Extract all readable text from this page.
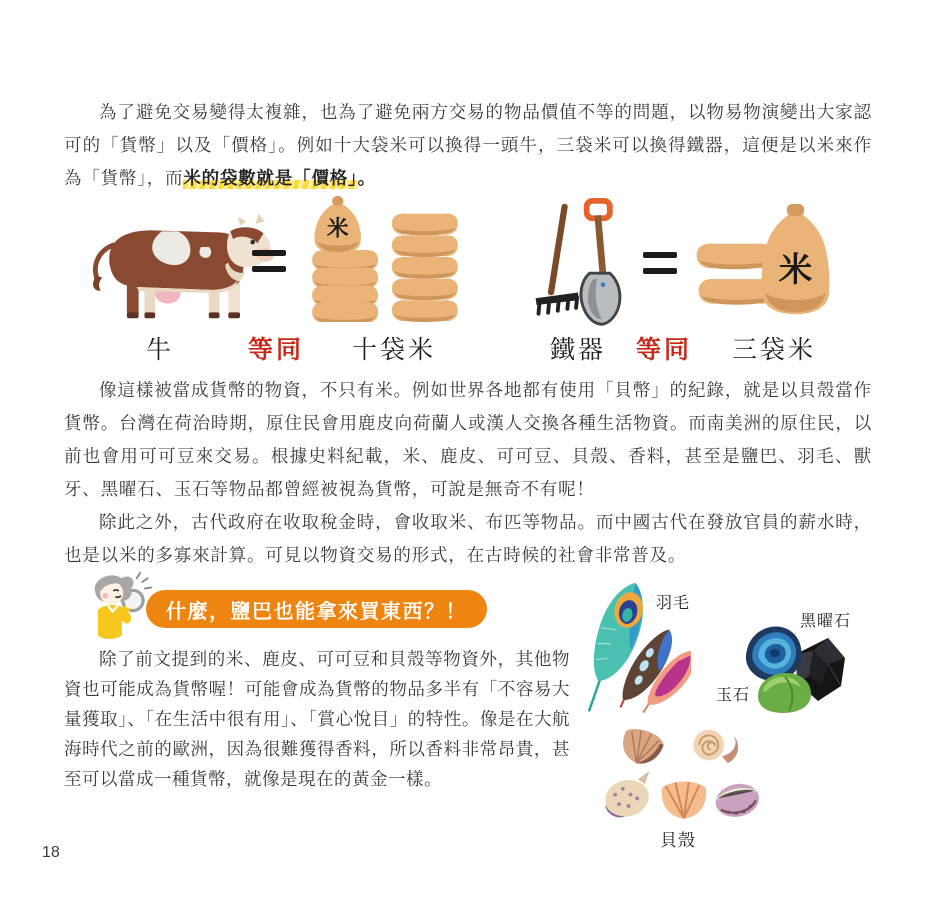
為了避免交易變得太複雜，也為了避免兩方交易的物品價值不等的問題，以物易物演變出大家認可的「貨幣」以及「價格」。例如十大袋米可以換得一頭牛，三袋米可以換得鐵器，這便是以米來作為「貨幣」，而米的袋數就是「價格」。

米
牛	等同 十袋米
米
鐵器 等同 三袋米

像這樣被當成貨幣的物資，不只有米。例如世界各地都有使用「貝幣」的紀錄，就是以貝殼當作貨幣。台灣在荷治時期，原住民會用鹿皮向荷蘭人或漢人交換各種生活物資。而南美洲的原住民，以前也會用可可豆來交易。根據史料紀載，米、鹿皮、可可豆、貝殼、香料，甚至是鹽巴、羽毛、獸牙、黑曜石、玉石等物品都曾經被視為貨幣，可說是無奇不有呢！

除此之外，古代政府在收取稅金時，會收取米、布匹等物品。而中國古代在發放官員的薪水時，也是以米的多寡來計算。可見以物資交易的形式，在古時候的社會非常普及。

什麼，鹽巴也能拿來買東西？！

除了前文提到的米、鹿皮、可可豆和貝殼等物資外，其他物資也可能成為貨幣喔！可能會成為貨幣的物品多半有「不容易大量獲取」、「在生活中很有用」、「賞心悅目」的特性。像是在大航海時代之前的歐洲，因為很難獲得香料，所以香料非常昂貴，甚至可以當成一種貨幣，就像是現在的黃金一樣。

羽毛
黑曜石
玉石
貝殼
18
